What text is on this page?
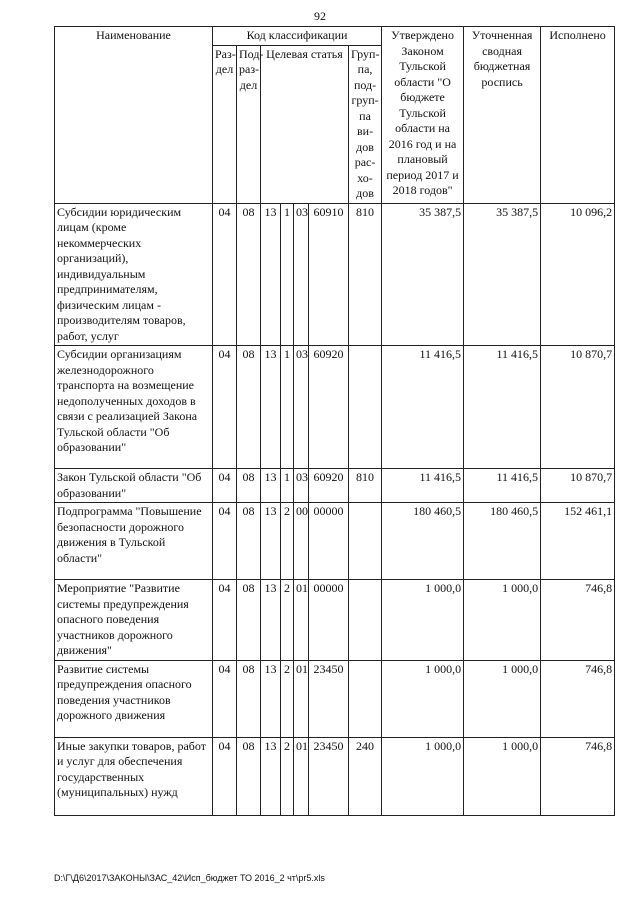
92
Наименование	Код классификации							Утверждено Законом Тульской области "О бюджете Тульской области на 2016 год и на плановый период 2017 и 2018 годов"	Уточненная сводная бюджетная роспись	Исполнено
	Раз-дел	Под-раз-дел	Целевая статья				Груп-па, под-груп-па ви-дов рас-хо-дов			
Субсидии юридическим лицам (кроме некоммерческих организаций), индивидуальным предпринимателям, физическим лицам - производителям товаров, работ, услуг	04	08	13	1	03	60910	810	35 387,5	35 387,5	10 096,2
Субсидии организациям железнодорожного транспорта на возмещение недополученных доходов в связи с реализацией Закона Тульской области "Об образовании"	04	08	13	1	03	60920		11 416,5	11 416,5	10 870,7
Закон Тульской области "Об образовании"	04	08	13	1	03	60920	810	11 416,5	11 416,5	10 870,7
Подпрограмма "Повышение безопасности дорожного движения в Тульской области"	04	08	13	2	00	00000		180 460,5	180 460,5	152 461,1
Мероприятие "Развитие системы предупреждения опасного поведения участников дорожного движения"	04	08	13	2	01	00000		1 000,0	1 000,0	746,8
Развитие системы предупреждения опасного поведения участников дорожного движения	04	08	13	2	01	23450		1 000,0	1 000,0	746,8
Иные закупки товаров, работ и услуг для обеспечения государственных (муниципальных) нужд	04	08	13	2	01	23450	240	1 000,0	1 000,0	746,8
D:\Г\Д6\2017\ЗАКОНЫ\ЗАС_42\Исп_бюджет ТО 2016_2 чт\pr5.xls
